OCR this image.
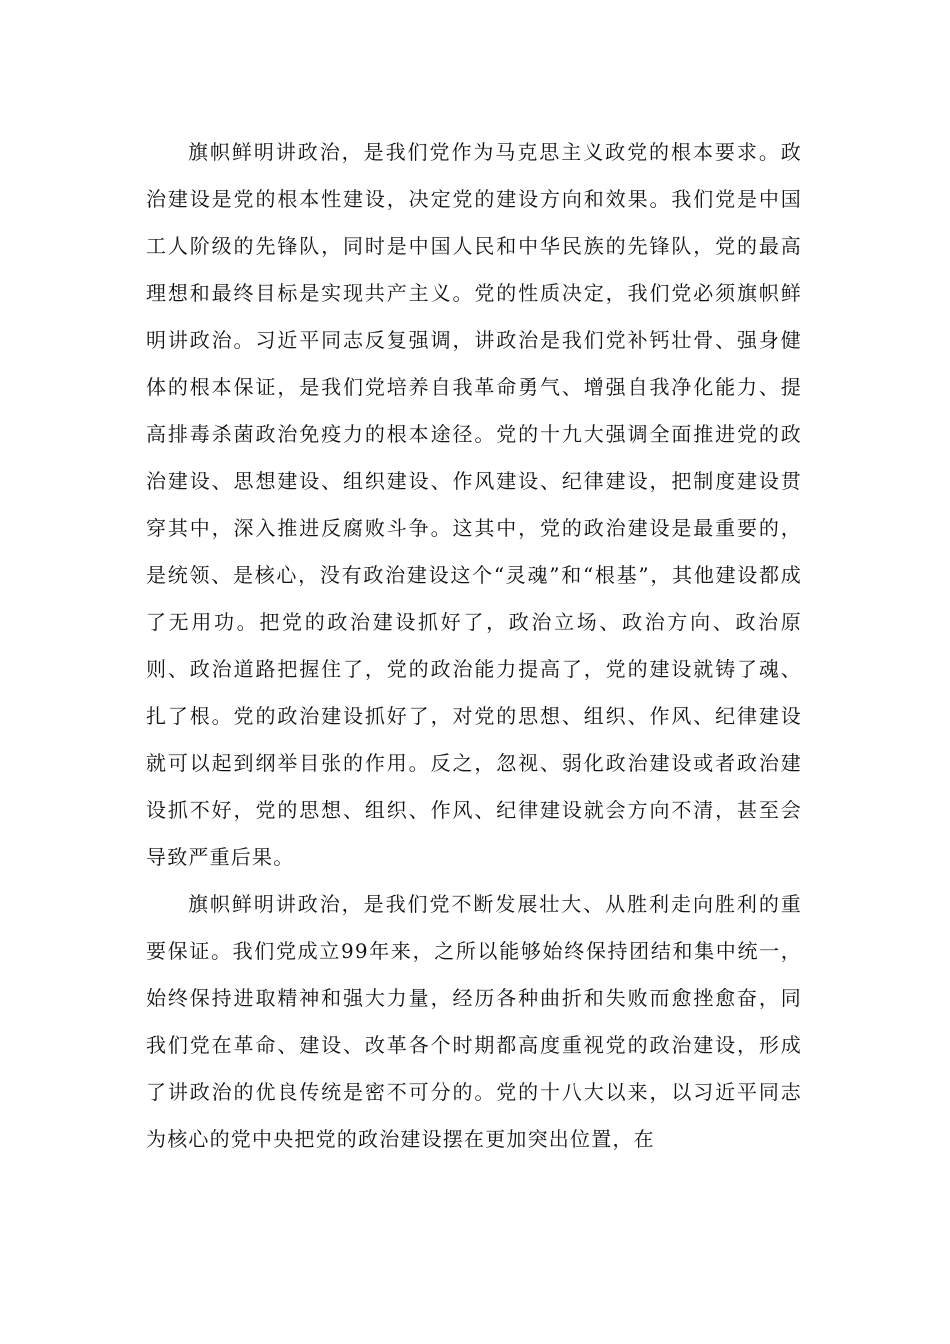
旗帜鲜明讲政治，是我们党作为马克思主义政党的根本要求。政治建设是党的根本性建设，决定党的建设方向和效果。我们党是中国工人阶级的先锋队，同时是中国人民和中华民族的先锋队，党的最高理想和最终目标是实现共产主义。党的性质决定，我们党必须旗帜鲜明讲政治。习近平同志反复强调，讲政治是我们党补钙壮骨、强身健体的根本保证，是我们党培养自我革命勇气、增强自我净化能力、提高排毒杀菌政治免疫力的根本途径。党的十九大强调全面推进党的政治建设、思想建设、组织建设、作风建设、纪律建设，把制度建设贯穿其中，深入推进反腐败斗争。这其中，党的政治建设是最重要的，是统领、是核心，没有政治建设这个“灵魂”和“根基”，其他建设都成了无用功。把党的政治建设抓好了，政治立场、政治方向、政治原则、政治道路把握住了，党的政治能力提高了，党的建设就铸了魂、扎了根。党的政治建设抓好了，对党的思想、组织、作风、纪律建设就可以起到纲举目张的作用。反之，忽视、弱化政治建设或者政治建设抓不好，党的思想、组织、作风、纪律建设就会方向不清，甚至会导致严重后果。

旗帜鲜明讲政治，是我们党不断发展壮大、从胜利走向胜利的重要保证。我们党成立99年来，之所以能够始终保持团结和集中统一，始终保持进取精神和强大力量，经历各种曲折和失败而愈挫愈奋，同我们党在革命、建设、改革各个时期都高度重视党的政治建设，形成了讲政治的优良传统是密不可分的。党的十八大以来，以习近平同志为核心的党中央把党的政治建设摆在更加突出位置，在
